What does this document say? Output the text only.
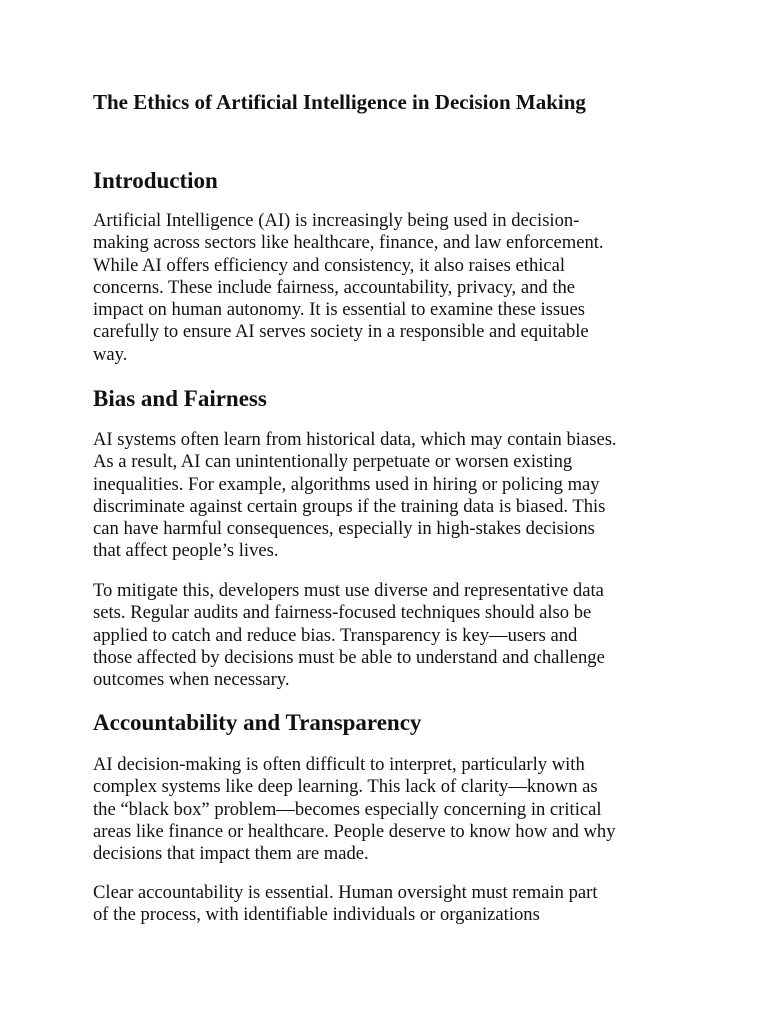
The Ethics of Artificial Intelligence in Decision Making
Introduction

Artificial Intelligence (AI) is increasingly being used in decision-
making across sectors like healthcare, finance, and law enforcement.
While AI offers efficiency and consistency, it also raises ethical
concerns. These include fairness, accountability, privacy, and the
impact on human autonomy. It is essential to examine these issues
carefully to ensure AI serves society in a responsible and equitable
way.

Bias and Fairness

AI systems often learn from historical data, which may contain biases.
As a result, AI can unintentionally perpetuate or worsen existing
inequalities. For example, algorithms used in hiring or policing may
discriminate against certain groups if the training data is biased. This
can have harmful consequences, especially in high-stakes decisions
that affect people’s lives.

To mitigate this, developers must use diverse and representative data
sets. Regular audits and fairness-focused techniques should also be
applied to catch and reduce bias. Transparency is key—users and
those affected by decisions must be able to understand and challenge
outcomes when necessary.

Accountability and Transparency

AI decision-making is often difficult to interpret, particularly with
complex systems like deep learning. This lack of clarity—known as
the “black box” problem—becomes especially concerning in critical
areas like finance or healthcare. People deserve to know how and why
decisions that impact them are made.

Clear accountability is essential. Human oversight must remain part
of the process, with identifiable individuals or organizations
